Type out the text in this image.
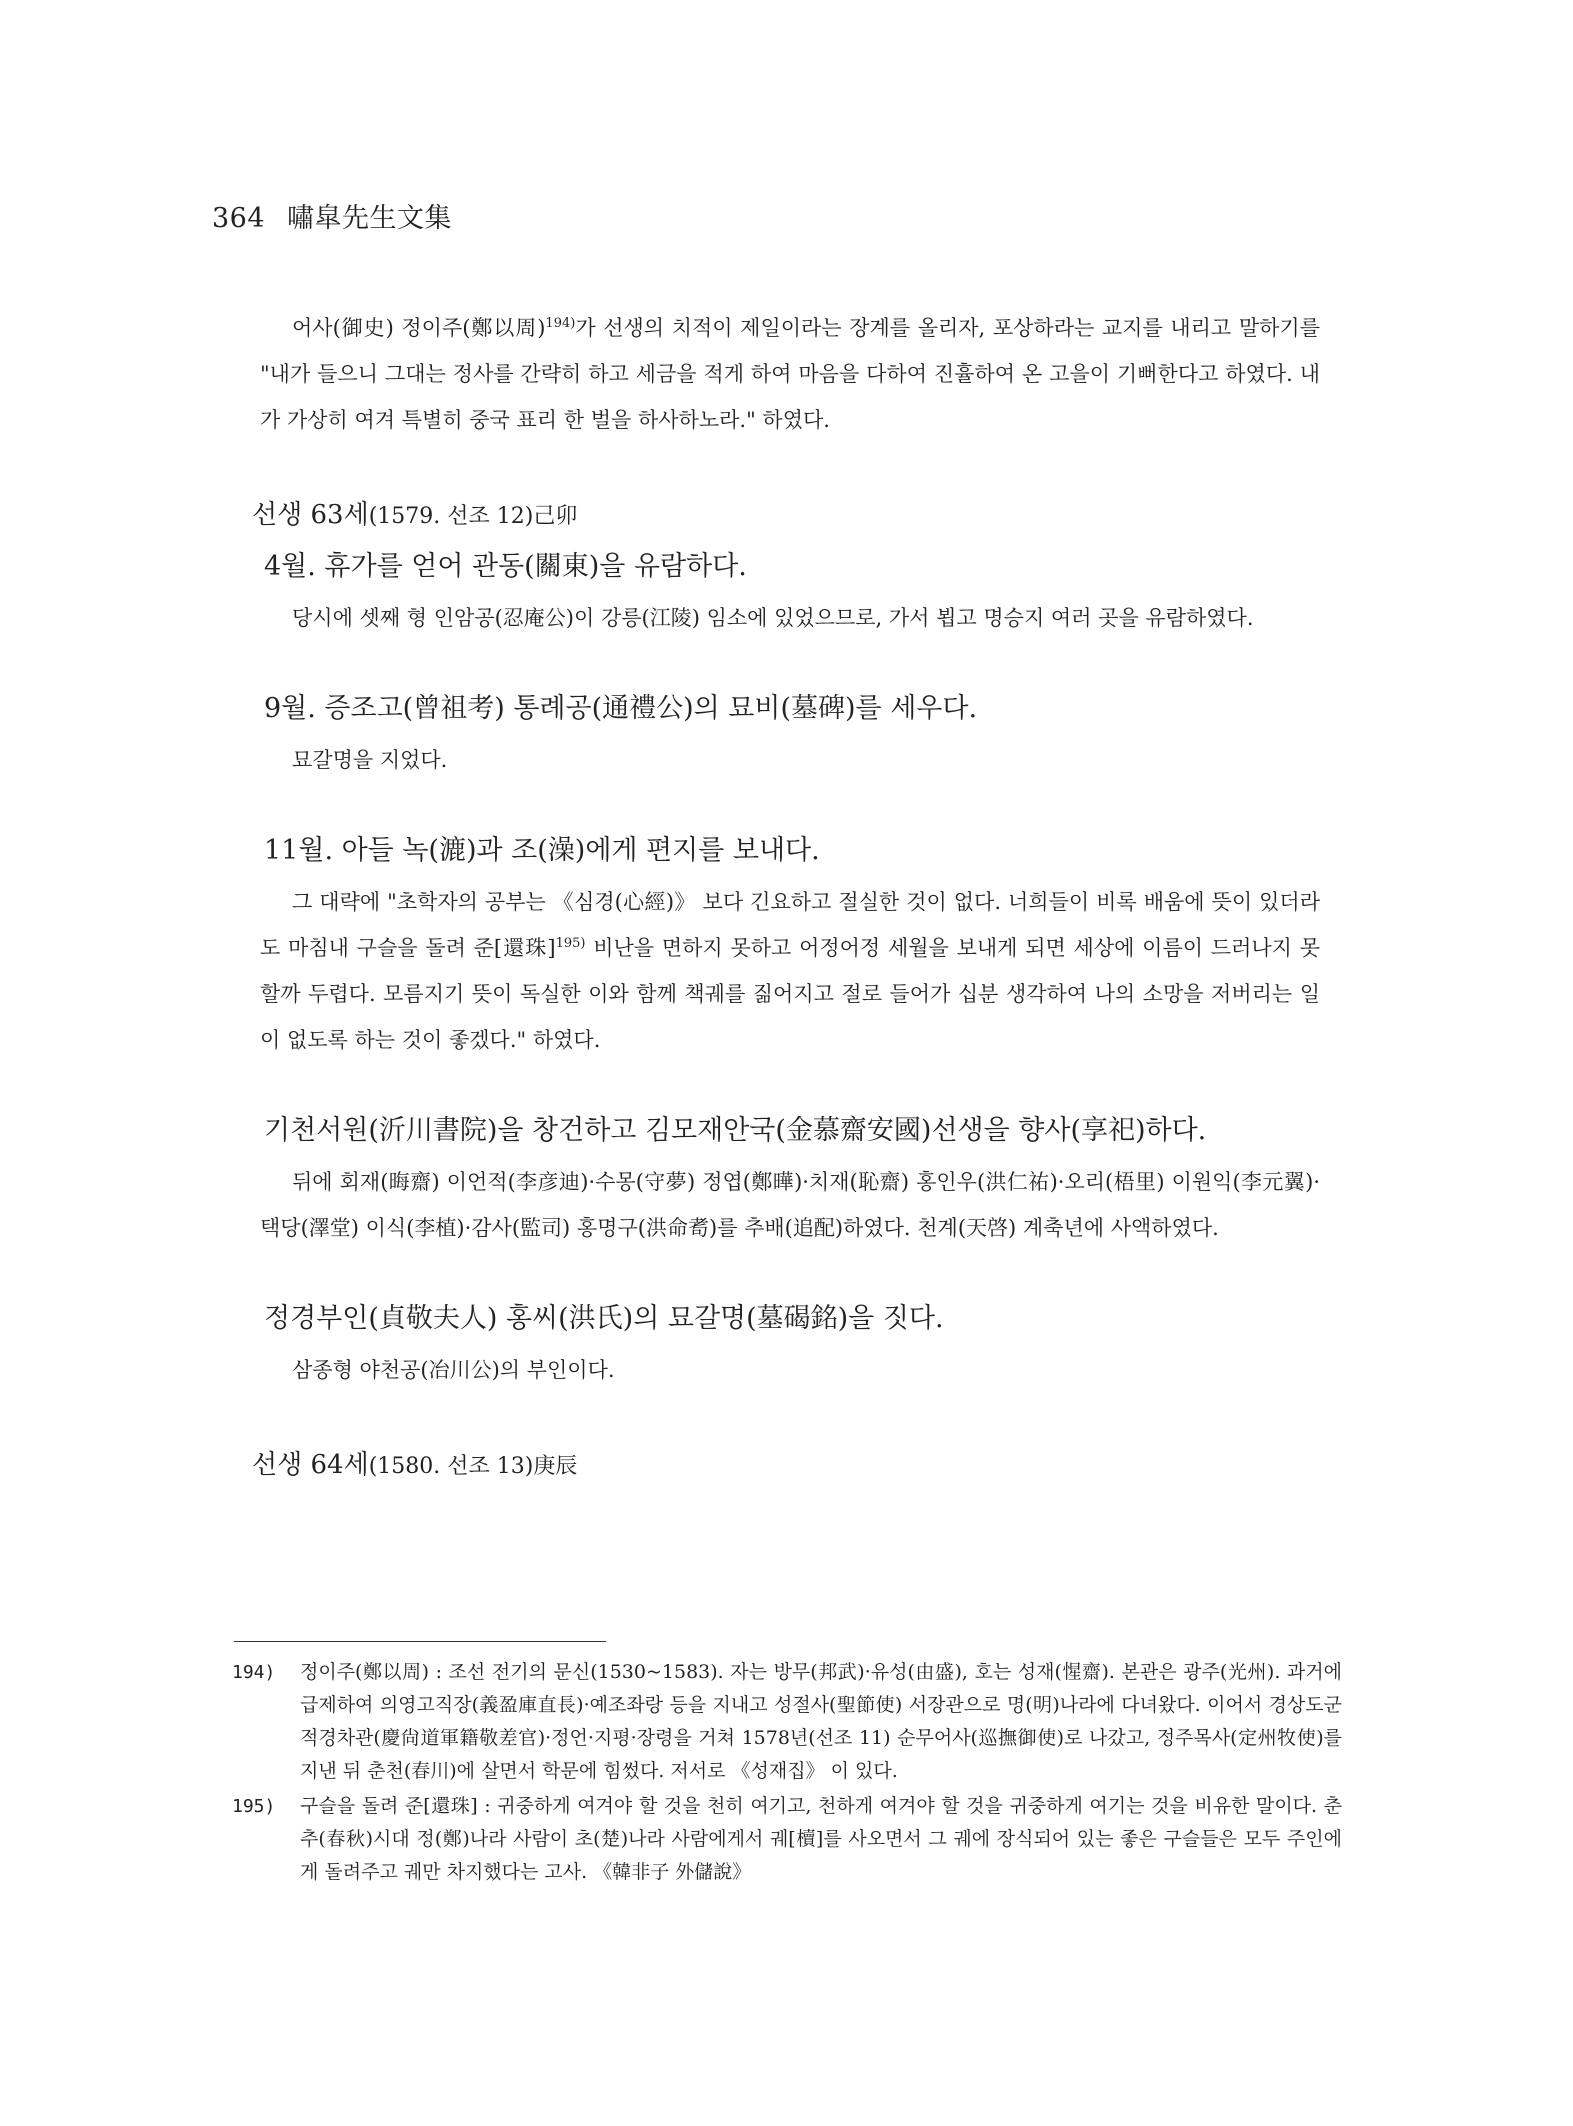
364 嘯皐先生文集

어사(御史) 정이주(鄭以周)$^{194)}$가 선생의 치적이 제일이라는 장계를 올리자, 포상하라는 교지를 내리고 말하기를 "내가 들으니 그대는 정사를 간략히 하고 세금을 적게 하여 마음을 다하여 진휼하여 온 고을이 기뻐한다고 하였다. 내가 가상히 여겨 특별히 중국 표리 한 벌을 하사하노라." 하였다.

선생 63세(1579. 선조 12)己卯
4월. 휴가를 얻어 관동(關東)을 유람하다.

당시에 셋째 형 인암공(忍庵公)이 강릉(江陵) 임소에 있었으므로, 가서 뵙고 명승지 여러 곳을 유람하였다.

9월. 증조고(曾祖考) 통례공(通禮公)의 묘비(墓碑)를 세우다.

묘갈명을 지었다.

11월. 아들 녹(漉)과 조(澡)에게 편지를 보내다.

그 대략에 "초학자의 공부는 《심경(心經)》 보다 긴요하고 절실한 것이 없다. 너희들이 비록 배움에 뜻이 있더라도 마침내 구슬을 돌려 준[還珠]$^{195)}$ 비난을 면하지 못하고 어정어정 세월을 보내게 되면 세상에 이름이 드러나지 못할까 두렵다. 모름지기 뜻이 독실한 이와 함께 책궤를 짊어지고 절로 들어가 십분 생각하여 나의 소망을 저버리는 일이 없도록 하는 것이 좋겠다." 하였다.

기천서원(沂川書院)을 창건하고 김모재안국(金慕齋安國)선생을 향사(享祀)하다.

뒤에 회재(晦齋) 이언적(李彦迪)·수몽(守夢) 정엽(鄭曄)·치재(恥齋) 홍인우(洪仁祐)·오리(梧里) 이원익(李元翼)·택당(澤堂) 이식(李植)·감사(監司) 홍명구(洪命耉)를 추배(追配)하였다. 천계(天啓) 계축년에 사액하였다.

정경부인(貞敬夫人) 홍씨(洪氏)의 묘갈명(墓碣銘)을 짓다.

삼종형 야천공(冶川公)의 부인이다.

선생 64세(1580. 선조 13)庚辰
194)	정이주(鄭以周) : 조선 전기의 문신(1530~1583). 자는 방무(邦武)·유성(由盛), 호는 성재(惺齋). 본관은 광주(光州). 과거에 급제하여 의영고직장(義盈庫直長)·예조좌랑 등을 지내고 성절사(聖節使) 서장관으로 명(明)나라에 다녀왔다. 이어서 경상도군적경차관(慶尙道軍籍敬差官)·정언·지평·장령을 거쳐 1578년(선조 11) 순무어사(巡撫御使)로 나갔고, 정주목사(定州牧使)를 지낸 뒤 춘천(春川)에 살면서 학문에 힘썼다. 저서로 《성재집》 이 있다.
195)	구슬을 돌려 준[還珠] : 귀중하게 여겨야 할 것을 천히 여기고, 천하게 여겨야 할 것을 귀중하게 여기는 것을 비유한 말이다. 춘추(春秋)시대 정(鄭)나라 사람이 초(楚)나라 사람에게서 궤[櫝]를 사오면서 그 궤에 장식되어 있는 좋은 구슬들은 모두 주인에게 돌려주고 궤만 차지했다는 고사. 《韓非子 外儲說》
